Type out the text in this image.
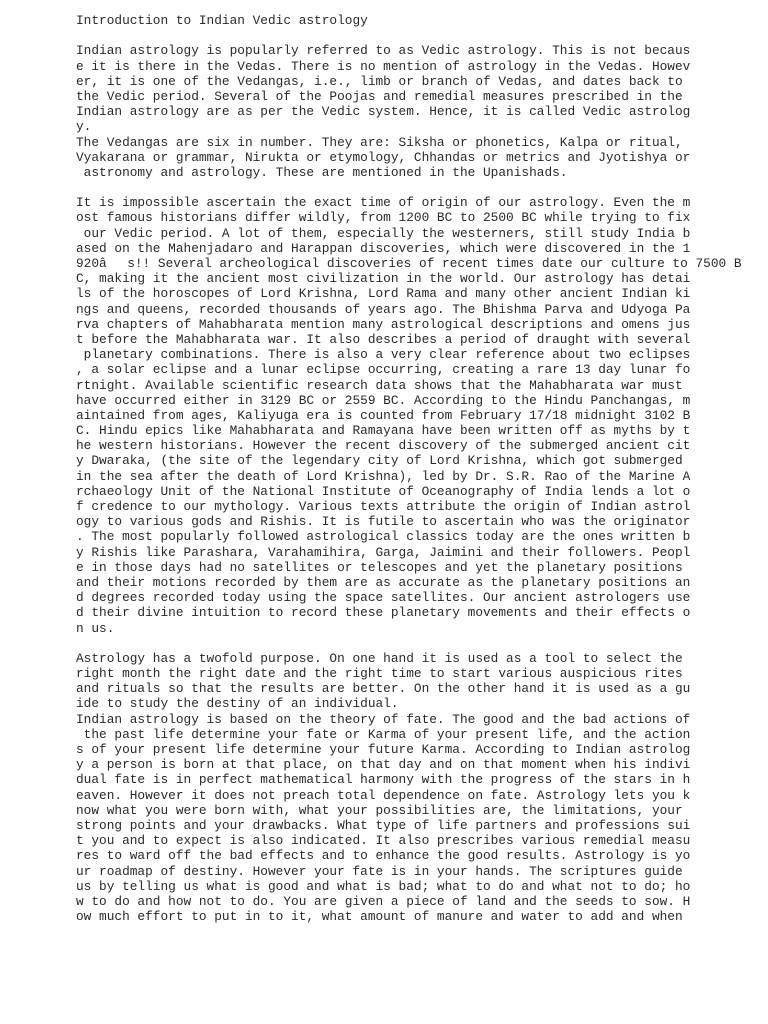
Introduction to Indian Vedic astrology
Indian astrology is popularly referred to as Vedic astrology. This is not becaus
e it is there in the Vedas. There is no mention of astrology in the Vedas. Howev
er, it is one of the Vedangas, i.e., limb or branch of Vedas, and dates back to
the Vedic period. Several of the Poojas and remedial measures prescribed in the
Indian astrology are as per the Vedic system. Hence, it is called Vedic astrolog
y.
The Vedangas are six in number. They are: Siksha or phonetics, Kalpa or ritual,
Vyakarana or grammar, Nirukta or etymology, Chhandas or metrics and Jyotishya or
astronomy and astrology. These are mentioned in the Upanishads.
It is impossible ascertain the exact time of origin of our astrology. Even the m
ost famous historians differ wildly, from 1200 BC to 2500 BC while trying to fix
our Vedic period. A lot of them, especially the westerners, still study India b
ased on the Mahenjadaro and Harappan discoveries, which were discovered in the 1
920âs!! Several archeological discoveries of recent times date our culture to 7500 B
C, making it the ancient most civilization in the world. Our astrology has detai
ls of the horoscopes of Lord Krishna, Lord Rama and many other ancient Indian ki
ngs and queens, recorded thousands of years ago. The Bhishma Parva and Udyoga Pa
rva chapters of Mahabharata mention many astrological descriptions and omens jus
t before the Mahabharata war. It also describes a period of draught with several
planetary combinations. There is also a very clear reference about two eclipses
, a solar eclipse and a lunar eclipse occurring, creating a rare 13 day lunar fo
rtnight. Available scientific research data shows that the Mahabharata war must
have occurred either in 3129 BC or 2559 BC. According to the Hindu Panchangas, m
aintained from ages, Kaliyuga era is counted from February 17/18 midnight 3102 B
C. Hindu epics like Mahabharata and Ramayana have been written off as myths by t
he western historians. However the recent discovery of the submerged ancient cit
y Dwaraka, (the site of the legendary city of Lord Krishna, which got submerged
in the sea after the death of Lord Krishna), led by Dr. S.R. Rao of the Marine A
rchaeology Unit of the National Institute of Oceanography of India lends a lot o
f credence to our mythology. Various texts attribute the origin of Indian astrol
ogy to various gods and Rishis. It is futile to ascertain who was the originator
. The most popularly followed astrological classics today are the ones written b
y Rishis like Parashara, Varahamihira, Garga, Jaimini and their followers. Peopl
e in those days had no satellites or telescopes and yet the planetary positions
and their motions recorded by them are as accurate as the planetary positions an
d degrees recorded today using the space satellites. Our ancient astrologers use
d their divine intuition to record these planetary movements and their effects o
n us.
Astrology has a twofold purpose. On one hand it is used as a tool to select the
right month the right date and the right time to start various auspicious rites
and rituals so that the results are better. On the other hand it is used as a gu
ide to study the destiny of an individual.
Indian astrology is based on the theory of fate. The good and the bad actions of
the past life determine your fate or Karma of your present life, and the action
s of your present life determine your future Karma. According to Indian astrolog
y a person is born at that place, on that day and on that moment when his indivi
dual fate is in perfect mathematical harmony with the progress of the stars in h
eaven. However it does not preach total dependence on fate. Astrology lets you k
now what you were born with, what your possibilities are, the limitations, your
strong points and your drawbacks. What type of life partners and professions sui
t you and to expect is also indicated. It also prescribes various remedial measu
res to ward off the bad effects and to enhance the good results. Astrology is yo
ur roadmap of destiny. However your fate is in your hands. The scriptures guide
us by telling us what is good and what is bad; what to do and what not to do; ho
w to do and how not to do. You are given a piece of land and the seeds to sow. H
ow much effort to put in to it, what amount of manure and water to add and when
